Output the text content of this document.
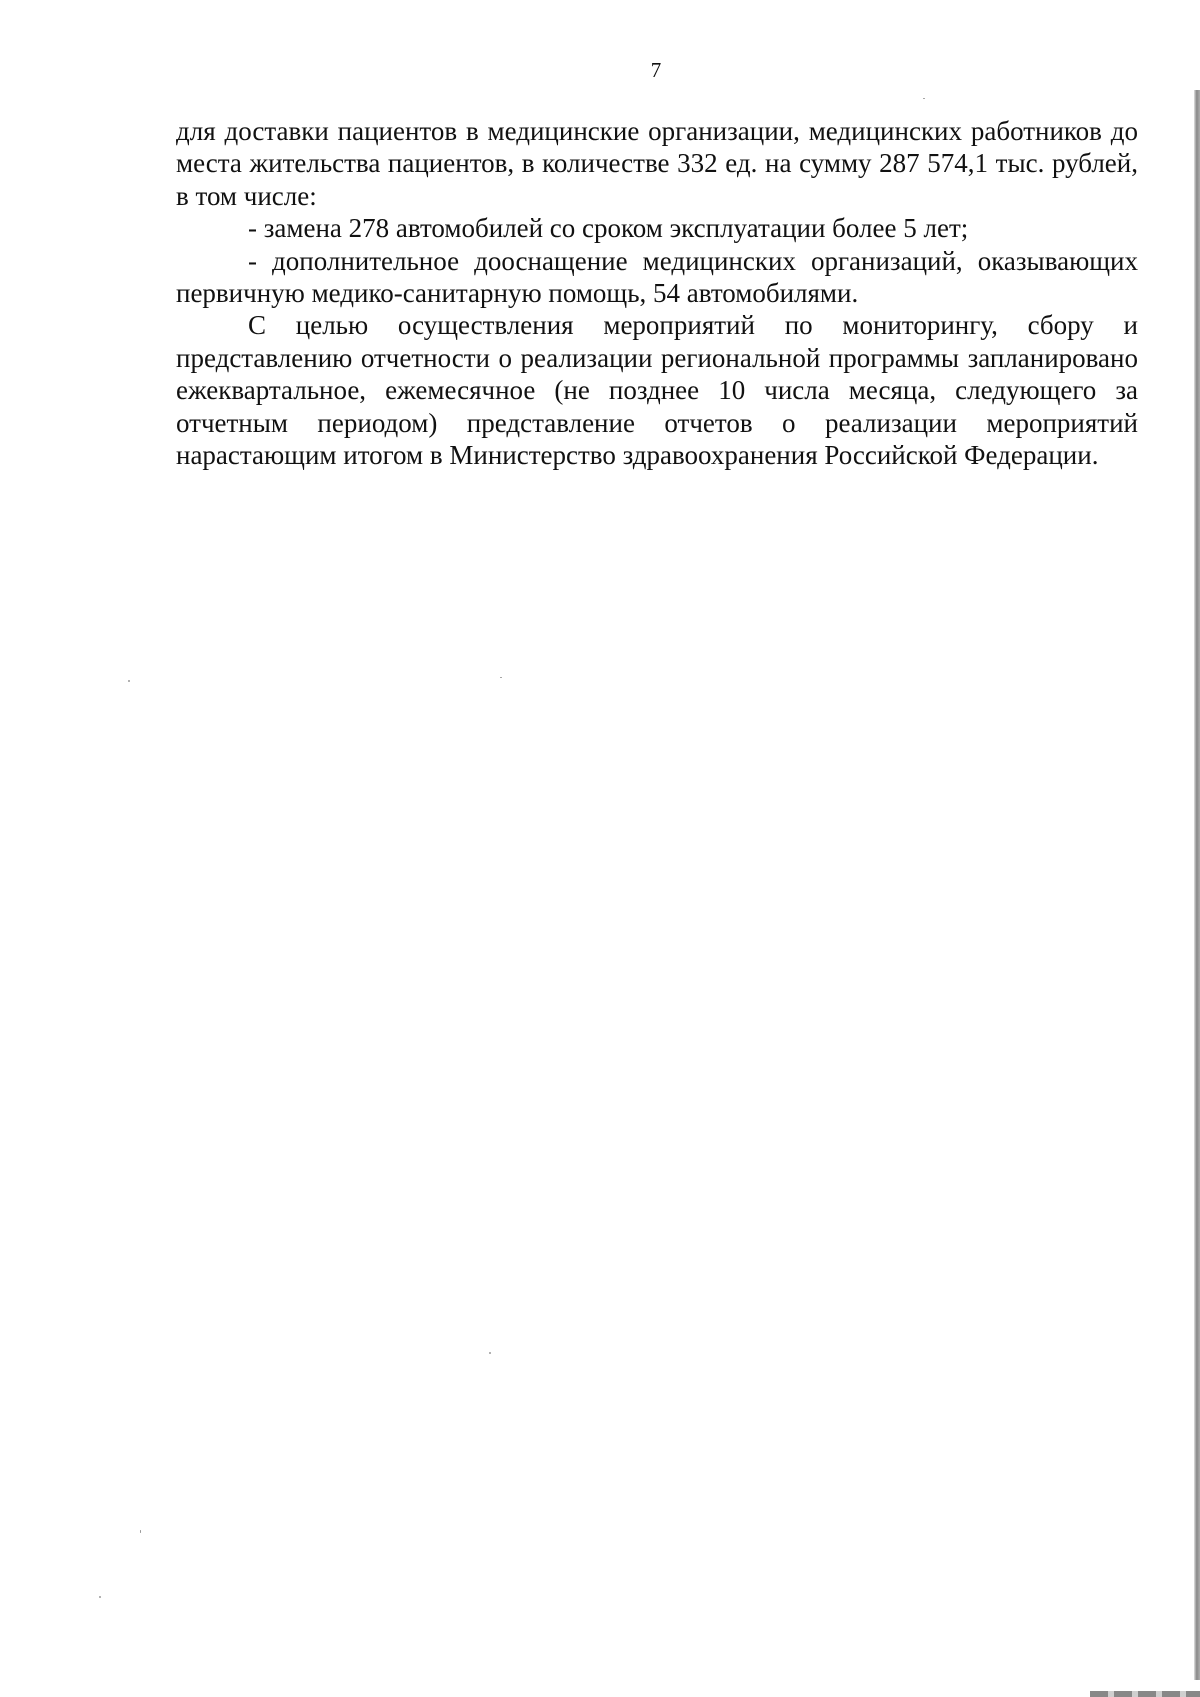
7

для доставки пациентов в медицинские организации, медицинских работников до места жительства пациентов, в количестве 332 ед. на сумму 287 574,1 тыс. рублей, в том числе:

- замена 278 автомобилей со сроком эксплуатации более 5 лет;

- дополнительное дооснащение медицинских организаций, оказывающих первичную медико-санитарную помощь, 54 автомобилями.

С целью осуществления мероприятий по мониторингу, сбору и представлению отчетности о реализации региональной программы запланировано ежеквартальное, ежемесячное (не позднее 10 числа месяца, следующего за отчетным периодом) представление отчетов о реализации мероприятий нарастающим итогом в Министерство здравоохранения Российской Федерации.
